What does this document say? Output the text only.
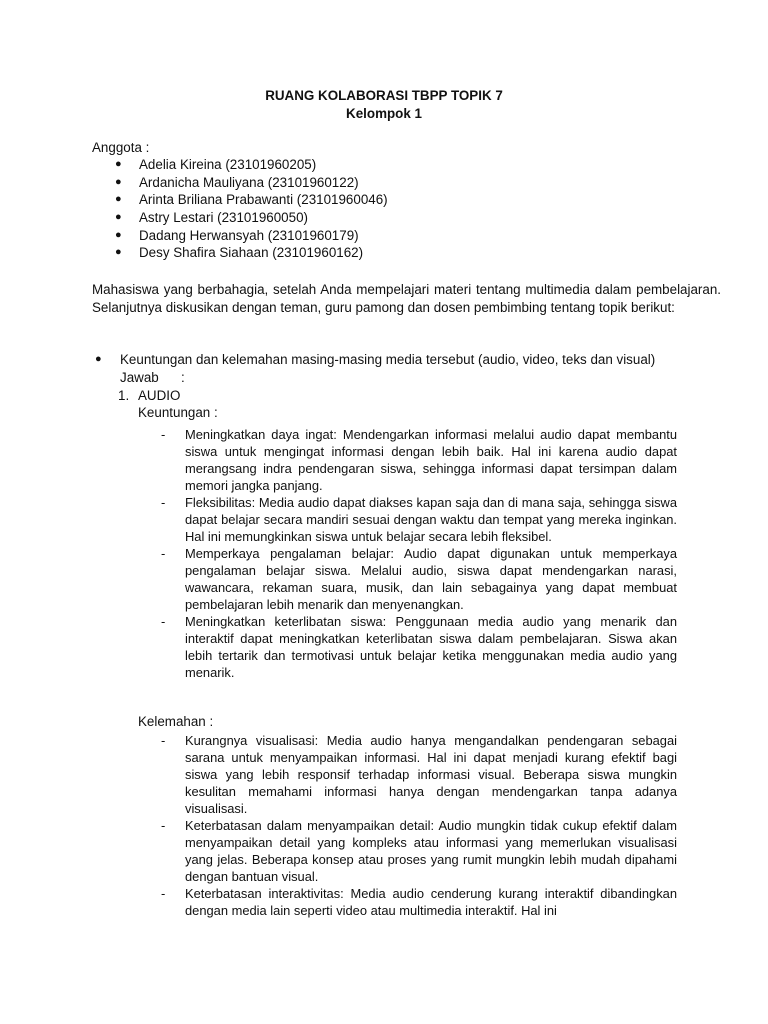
RUANG KOLABORASI TBPP TOPIK 7
Kelompok 1
Anggota :
● Adelia Kireina (23101960205)
● Ardanicha Mauliyana (23101960122)
● Arinta Briliana Prabawanti (23101960046)
● Astry Lestari (23101960050)
● Dadang Herwansyah (23101960179)
● Desy Shafira Siahaan (23101960162)
Mahasiswa yang berbahagia, setelah Anda mempelajari materi tentang multimedia dalam pembelajaran. Selanjutnya diskusikan dengan teman, guru pamong dan dosen pembimbing tentang topik berikut:
● Keuntungan dan kelemahan masing-masing media tersebut (audio, video, teks dan visual)
Jawab      :
1. AUDIO
Keuntungan :
- Meningkatkan daya ingat: Mendengarkan informasi melalui audio dapat membantu siswa untuk mengingat informasi dengan lebih baik. Hal ini karena audio dapat merangsang indra pendengaran siswa, sehingga informasi dapat tersimpan dalam memori jangka panjang.
- Fleksibilitas: Media audio dapat diakses kapan saja dan di mana saja, sehingga siswa dapat belajar secara mandiri sesuai dengan waktu dan tempat yang mereka inginkan. Hal ini memungkinkan siswa untuk belajar secara lebih fleksibel.
- Memperkaya pengalaman belajar: Audio dapat digunakan untuk memperkaya pengalaman belajar siswa. Melalui audio, siswa dapat mendengarkan narasi, wawancara, rekaman suara, musik, dan lain sebagainya yang dapat membuat pembelajaran lebih menarik dan menyenangkan.
- Meningkatkan keterlibatan siswa: Penggunaan media audio yang menarik dan interaktif dapat meningkatkan keterlibatan siswa dalam pembelajaran. Siswa akan lebih tertarik dan termotivasi untuk belajar ketika menggunakan media audio yang menarik.
Kelemahan :
- Kurangnya visualisasi: Media audio hanya mengandalkan pendengaran sebagai sarana untuk menyampaikan informasi. Hal ini dapat menjadi kurang efektif bagi siswa yang lebih responsif terhadap informasi visual. Beberapa siswa mungkin kesulitan memahami informasi hanya dengan mendengarkan tanpa adanya visualisasi.
- Keterbatasan dalam menyampaikan detail: Audio mungkin tidak cukup efektif dalam menyampaikan detail yang kompleks atau informasi yang memerlukan visualisasi yang jelas. Beberapa konsep atau proses yang rumit mungkin lebih mudah dipahami dengan bantuan visual.
- Keterbatasan interaktivitas: Media audio cenderung kurang interaktif dibandingkan dengan media lain seperti video atau multimedia interaktif. Hal ini
